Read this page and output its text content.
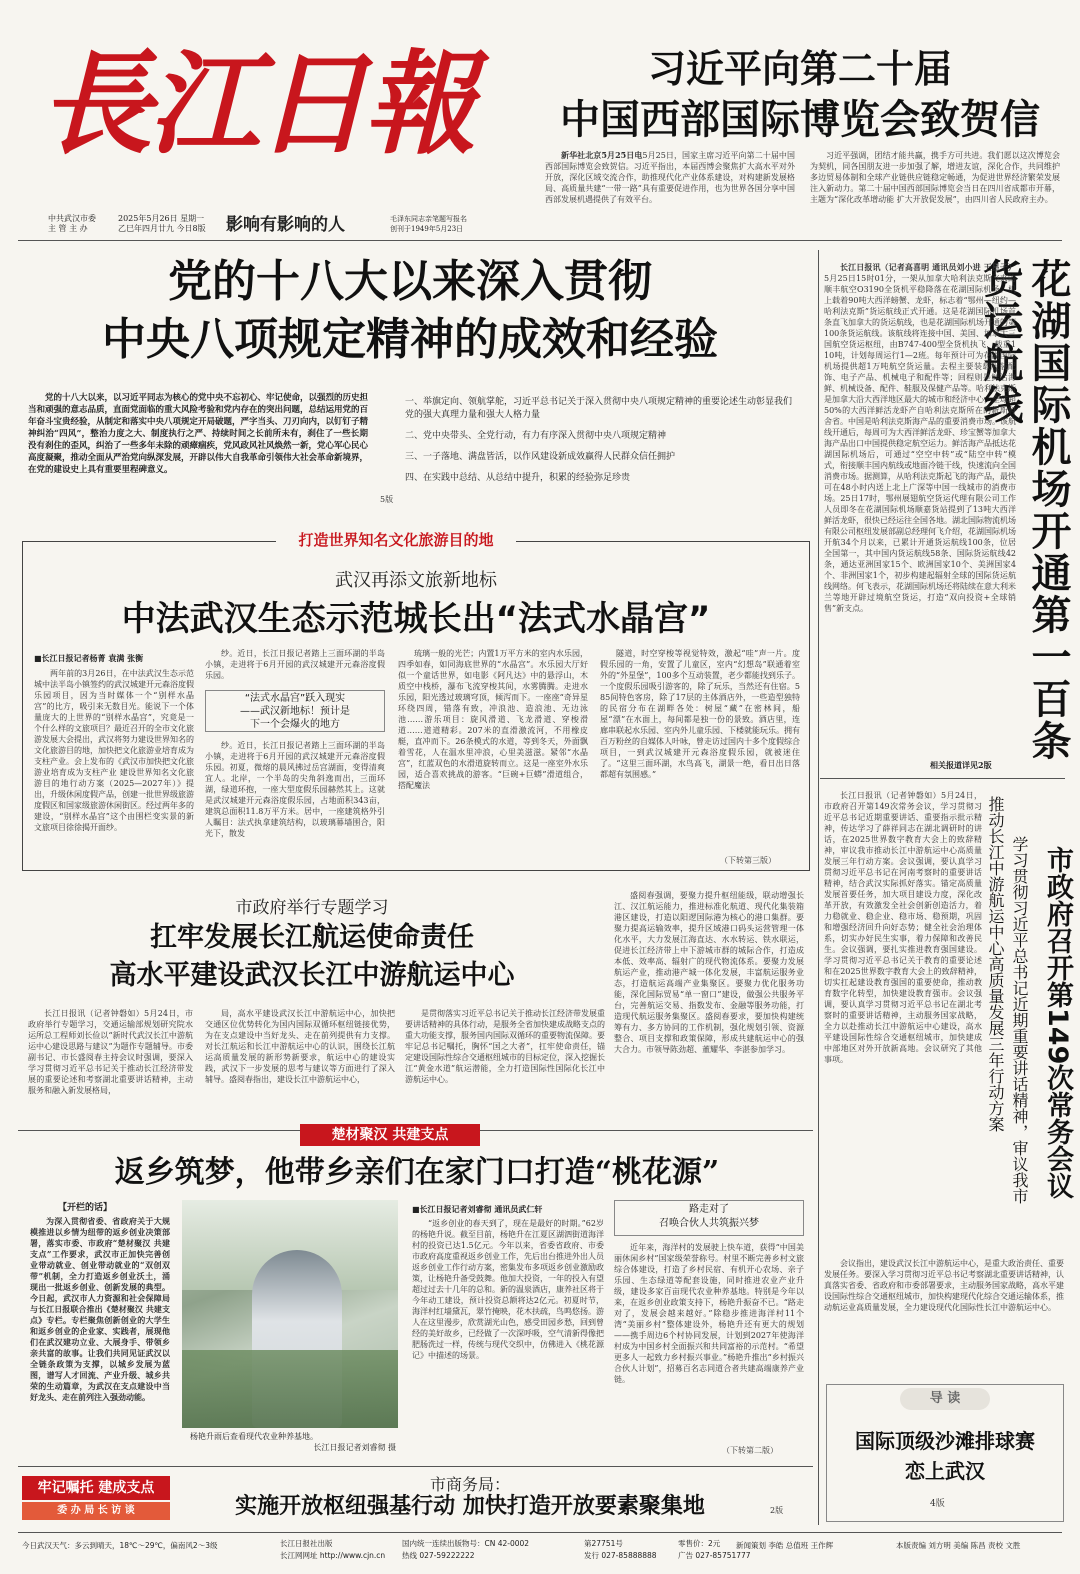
長江日報
中共武汉市委
主 管 主 办
2025年5月26日 星期一
乙巳年四月廿九 今日8版 影响有影响的人	毛泽东同志亲笔题写报名
创刊于1949年5月23日
习近平向第二十届
中国西部国际博览会致贺信

新华社北京5月25日电5月25日，国家主席习近平向第二十届中国西部国际博览会致贺信。习近平指出，本届西博会聚焦扩大高水平对外开放，深化区域交流合作，助推现代化产业体系建设，对构建新发展格局、高质量共建“一带一路”具有重要促进作用，也为世界各国分享中国西部发展机遇提供了有效平台。

习近平强调，团结才能共赢，携手方可共进。我们愿以这次博览会为契机，同各国朋友进一步加强了解，增进友谊，深化合作，共同维护多边贸易体制和全球产业链供应链稳定畅通，为促进世界经济繁荣发展注入新动力。第二十届中国西部国际博览会当日在四川省成都市开幕，主题为“深化改革增动能 扩大开放促发展”，由四川省人民政府主办。

党的十八大以来深入贯彻
中央八项规定精神的成效和经验

党的十八大以来，以习近平同志为核心的党中央不忘初心、牢记使命，以强烈的历史担当和顽强的意志品质，直面党面临的重大风险考验和党内存在的突出问题，总结运用党的百年奋斗宝贵经验，从制定和落实中央八项规定开局破题，严字当头、刀刃向内，以钉钉子精神纠治“四风”，整治力度之大、制度执行之严、持续时间之长前所未有，刹住了一些长期没有刹住的歪风，纠治了一些多年未除的顽瘴痼疾，党风政风社风焕然一新，党心军心民心高度凝聚，推动全面从严治党向纵深发展，开辟以伟大自我革命引领伟大社会革命新境界，在党的建设史上具有重要里程碑意义。

一、举旗定向、领航掌舵，习近平总书记关于深入贯彻中央八项规定精神的重要论述生动彰显我们党的强大真理力量和强大人格力量
二、党中央带头、全党行动，有力有序深入贯彻中央八项规定精神
三、一子落地、满盘皆活，以作风建设新成效赢得人民群众信任拥护
四、在实践中总结、从总结中提升，积累的经验弥足珍贵
5版
打造世界知名文化旅游目的地
武汉再添文旅新地标
中法武汉生态示范城长出“法式水晶宫”
■长江日报记者杨菁 袁满 张衡

两年前的3月26日，在中法武汉生态示范城中法半岛小镇签约的武汉城建开元森浴度假乐园项目，因为当时媒体一个“别样水晶宫”的比方，吸引来无数目光。能说下一个体量庞大的上世界的“别样水晶宫”，究竟是一个什么样的文旅项目？最近召开的全市文化旅游发展大会提出，武汉将努力建设世界知名的文化旅游目的地，加快把文化旅游业培育成为支柱产业。会上发布的《武汉市加快把文化旅游业培育成为支柱产业 建设世界知名文化旅游目的地行动方案（2025—2027年）》提出，升级休闲度假产品，创建一批世界级旅游度假区和国家级旅游休闲街区。经过两年多的建设，“别样水晶宫”这个由围栏变实景的新文旅项目徐徐揭开面纱。

“法式水晶宫”跃入现实
——武汉新地标！预计是
下一个会爆火的地方

纱。近日，长江日报记者踏上三面环湖的半岛小镇，走进将于6月开园的武汉城建开元森浴度假乐园。

纱。近日，长江日报记者踏上三面环湖的半岛小镇，走进将于6月开园的武汉城建开元森浴度假乐园。初夏，微熔的晨风拂过岳宫湖面，变得清爽宜人。北岸，一个半岛的尖角斜逸而出，三面环湖，绿道环抱，一座大型度假乐园赫然其上。这就是武汉城建开元森浴度假乐园，占地面积343亩，建筑总面积11.8万平方米。居中，一座建筑格外引人瞩目：法式执拿建筑结构，以玻璃幕墙围合，阳光下，散发

琉璃一般的光芒；内置1万平方米的室内水乐园，四季如春，如同海底世界的“水晶宫”。水乐园大厅好似一个童话世界，如电影《阿凡达》中的悬浮山，木质空中栈桥，瀑布飞流穿梭其间，水雾腾腾。走进水乐园，阳光透过玻璃穹顶，倾泻而下。一座座“奇异星环绕四周，错落有致，冲浪池、造浪池、无边泳池……游乐项目：旋风滑道、飞龙滑道、穿梭滑道……道道精彩。207米的直滑激流河，不用橡皮艇，直冲而下。26条模式的水道，等到冬天，外面飘着雪花，人在温水里冲浪，心里美滋滋。紧邻“水晶宫”，红蓝双色的水滑道旋转而立。这是一座室外水乐园，适合喜欢挑战的游客。“巨碗+巨蟒”滑道组合，搭配魔法

隧道，时空穿梭等视觉特效，激起“哇”声一片。度假乐园的一角，安置了儿童区，室内“幻想岛”联通着室外的“外星堡”，100多个互动装置，老少都能找到乐子。一个度假乐园吸引游客的，除了玩乐，当然还有住宿。585间特色客房，除了17层的主体酒店外，一些造型独特的民宿分布在湖畔各处：树屋“藏”在密林间，船屋“漂”在水面上，每间都是独一份的景致。酒店里，连廊串联起水乐园、室内外儿童乐园、下楼就能玩乐。拥有百万粉丝的自媒体人叶咏，曾走访过国内十多个度假综合项目，一到武汉城建开元森浴度假乐园，就被迷住了。“这里三面环湖，水鸟高飞，湖景一绝，看日出日落都超有氛围感。”

（下转第三版）
市政府举行专题学习
扛牢发展长江航运使命责任
高水平建设武汉长江中游航运中心

长江日报讯（记者钟磐如）5月24日，市政府举行专题学习，交通运输部规划研究院水运所总工程师刘长俭以“新时代武汉长江中游航运中心建设思路与建议”为题作专题辅导。市委副书记、市长盛阅春主持会议时强调，要深入学习贯彻习近平总书记关于推动长江经济带发展的重要论述和考察湖北重要讲话精神，主动服务和融入新发展格局，

局，高水平建设武汉长江中游航运中心，加快把交通区位优势转化为国内国际双循环枢纽链接优势，为在支点建设中当好龙头、走在前列提供有力支撑。对长江航运和长江中游航运中心的认识，围绕长江航运高质量发展的新形势新要求，航运中心的建设实践，武汉下一步发展的思考与建议等方面进行了深入辅导。盛阅春指出，建设长江中游航运中心，

是贯彻落实习近平总书记关于推动长江经济带发展重要讲话精神的具体行动，是服务全省加快建成战略支点的重大功能支撑，服务国内国际双循环的重要物流保障。要牢记总书记嘱托，胸怀“国之大者”，扛牢使命责任，锚定建设国际性综合交通枢纽城市的目标定位，深入挖掘长江“黄金水道”航运潜能，全力打造国际性国际化长江中游航运中心。

盛阅春强调，要聚力提升枢纽能级，联动增强长江、汉江航运能力，推进标准化航道、现代化集装箱港区建设，打造以阳逻国际港为核心的港口集群。要聚力提高运输效率，提升区域港口码头运营管理一体化水平，大力发展江海直达、水水转运、铁水联运，促进长江经济带上中下游城市群的城际合作，打造成本低、效率高、辐射广的现代物流体系。要聚力发展航运产业，推动港产城一体化发展，丰富航运服务业态，打造航运高端产业集聚区。要聚力优化服务功能，深化国际贸易“单一窗口”建设，做强公共服务平台，完善航运交易、指数发布、金融等服务功能，打造现代航运服务集聚区。盛阅春要求，要加快构建统筹有力、多方协同的工作机制，强化规划引领、资源整合、项目支撑和政策保障，形成共建航运中心的强大合力。市领导陈劲超、董耀华、李湛参加学习。

楚材聚汉 共建支点
返乡筑梦，他带乡亲们在家门口打造“桃花源”
【开栏的话】

为深入贯彻省委、省政府关于大规模推进以乡情为纽带的返乡创业决策部署，落实市委、市政府“楚材聚汉 共建支点”工作要求，武汉市正加快完善创业带动就业、创业带动就业的“双创双带”机制，全力打造返乡创业沃土，涌现出一批返乡创业、创新发展的典型。今日起，武汉市人力资源和社会保障局与长江日报联合推出《楚材聚汉 共建支点》专栏。专栏聚焦创新创业的大学生和返乡创业的企业家、实践者，展现他们在武汉建功立业、大展身手、带领乡亲共富的故事。让我们共同见证武汉以全链条政策为支撑，以城乡发展为蓝图，谱写人才回流、产业升级、城乡共荣的生动篇章，为武汉在支点建设中当好龙头、走在前列注入强劲动能。

杨艳升雨后查看现代农业种养基地。
长江日报记者刘睿彻 摄
■长江日报记者刘睿彻 通讯员武仁轩

“返乡创业的春天到了，现在是最好的时期。”62岁的杨艳升说。截至目前，杨艳升在江夏区湖泗街道海洋村的投资已达1.5亿元。今年以来，省委省政府、市委市政府高度重视返乡创业工作，先后出台推进外出人员返乡创业工作行动方案，密集发布多项返乡创业激励政策，让杨艳升备受鼓舞。他加大投资，一年的投入有望超过过去十几年的总和。新的温泉酒店，康养社区将于今年动工建设，预计投资总额将达2亿元。初夏时节，海洋村红墙黛瓦，翠竹掩映，花木扶疏，鸟鸣悠扬。游人在这里漫步，欣赏湖光山色，感受田园乡愁，回到曾经的美好故乡，已经做了一次深呼吸，空气清新得像把肥肠洗过一样，传统与现代交织中，仿佛进入《桃花源记》中描述的场景。

路走对了
召唤合伙人共筑振兴梦

近年来，海洋村的发展驶上快车道，获得“中国美丽休闲乡村”国家级荣誉称号。村里不断完善乡村文旅综合体建设，打造了乡村民宿、有机开心农场、亲子乐园、生态绿道等配套设施，同时推进农业产业升级，建设多家百亩现代农业种养基地。特别是今年以来，在返乡创业政策支持下，杨艳升振奋不已。“路走对了，发展会越来越好。”除稳步推进海洋村11个湾“美丽乡村”整体建设外，杨艳升还有更大的规划——携手周边6个村协同发展，计划到2027年使海洋村成为中国乡村全面振兴和共同富裕的示范村。“希望更多人一起致力乡村振兴事业。”杨艳升推出“乡村振兴合伙人计划”，招募百名志同道合者共建高端康养产业链。

（下转第二版）
牢记嘱托 建成支点
委 办 局 长 访 谈
市商务局：
实施开放枢纽强基行动 加快打造开放要素聚集地	2版
花湖国际机场开通第一百条货运航线

长江日报讯（记者高喜明 通讯员刘小进 王星子）5月25日15时01分，一架从加拿大哈利法克斯飞来的顺丰航空O3190全货机平稳降落在花湖国际机场。机上载着90吨大西洋螃蟹、龙虾，标志着“鄂州—纽约—哈利法克斯”货运航线正式开通。这是花湖国际机场首条直飞加拿大的货运航线，也是花湖国际机场开通的第100条货运航线。该航线将连接中国、美国、加拿大三国航空货运枢纽，由B747-400型全货机执飞，载重110吨，计划每周运行1—2班。每年预计可为花湖国际机场提供超1万吨航空货运量。去程主要装载服装配饰、电子产品、机械电子和配件等；回程则是鲜活海鲜、机械设备、配件、鞋服及保健产品等。哈利法克斯是加拿大沿大西洋地区最大的城市和经济中心，全球超50%的大西洋鲜活龙虾产自哈利法克斯所在的新斯科舍省。中国是哈利法克斯海产品的重要消费市场。该航线开通后，每周可为大西洋鲜活龙虾、珍宝蟹等加拿大海产品出口中国提供稳定航空运力。鲜活海产品抵达花湖国际机场后，可通过“空空中转”或“陆空中转”模式，衔接顺丰国内航线或地面冷链干线，快速流向全国消费市场。据测算，从哈利法克斯起飞的海产品，最快可在48小时内送上北上广深等中国一线城市的消费市场。25日17时，鄂州展翅航空货运代理有限公司工作人员即冬在花湖国际机场顺嘉货站提到了13吨大西洋鲜活龙虾，很快已经运往全国各地。湖北国际物流机场有限公司枢纽发展部副总经理何飞介绍，花湖国际机场开航34个月以来，已累计开通货运航线100条，位居全国第一，其中国内货运航线58条、国际货运航线42条，通达亚洲国家15个、欧洲国家10个、美洲国家4个、非洲国家1个，初步构建起辐射全球的国际货运航线网络。何飞表示，花湖国际机场还将陆续在意大利米兰等地开辟过境航空货运，打造“双向投资+全球销售”新支点。

相关报道详见2版
市政府召开第149次常务会议
学习贯彻习近平总书记近期重要讲话精神，审议我市
推动长江中游航运中心高质量发展三年行动方案

长江日报讯（记者钟磐如）5月24日，市政府召开第149次常务会议，学习贯彻习近平总书记近期重要讲话、重要指示批示精神，传达学习了薛祥同志在湖北调研时的讲话，在2025世界数字教育大会上的致辞精神，审议我市推动长江中游航运中心高质量发展三年行动方案。会议强调，要认真学习贯彻习近平总书记在河南考察时的重要讲话精神，结合武汉实际抓好落实。锚定高质量发展首要任务，加大项目建设力度，深化改革开放，有效激发全社会创新创造活力，着力稳就业、稳企业、稳市场、稳预期，巩固和增强经济回升向好态势；健全社会治理体系，切实办好民生实事，着力保障和改善民生。会议强调，要扎实推进教育强国建设。学习贯彻习近平总书记关于教育的重要论述和在2025世界数字教育大会上的致辞精神，切实扛起建设教育强国的重要使命，推动教育数字化转型，加快建设教育强市。会议强调，要认真学习贯彻习近平总书记在湖北考察时的重要讲话精神，主动服务国家战略，全力以赴推动长江中游航运中心建设，高水平建设国际性综合交通枢纽城市，加快建成中部地区对外开放新高地。会议研究了其他事项。

会议指出，建设武汉长江中游航运中心，是重大政治责任、重要发展任务。要深入学习贯彻习近平总书记考察湖北重要讲话精神，认真落实省委、省政府和市委部署要求，主动服务国家战略，高水平建设国际性综合交通枢纽城市，加快构建现代化综合交通运输体系，推动航运业高质量发展，全力建设现代化国际性长江中游航运中心。

导 读
国际顶级沙滩排球赛
恋上武汉
4版
今日武汉天气：多云到晴天，18℃～29℃，偏南风2～3级	长江日报社出版
长江网网址 http://www.cjn.cn
国内统一连续出版物号：CN 42-0002
热线 027-59222222
第27751号
发行 027-85888888
零售价：2元
广告 027-85751777
新闻策划 李皓 总值班 王作辉	本版责编 刘方明 美编 陈昌 责校 文胜
